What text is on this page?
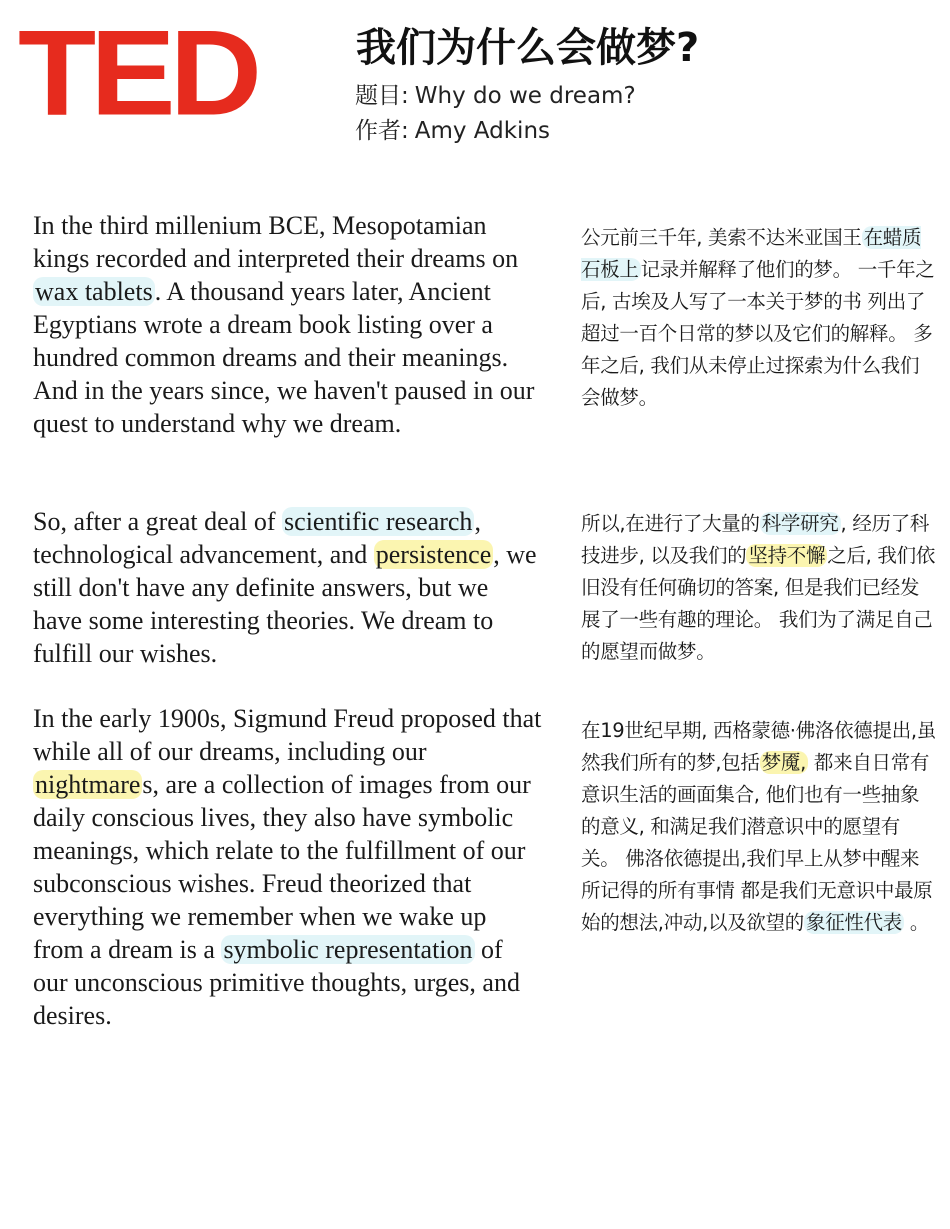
TED	我们为什么会做梦?
题目: Why do we dream?
作者: Amy Adkins

In the third millenium BCE, Mesopotamian kings recorded and interpreted their dreams on wax tablets. A thousand years later, Ancient Egyptians wrote a dream book listing over a hundred common dreams and their meanings. And in the years since, we haven't paused in our quest to understand why we dream.

So, after a great deal of scientific research, technological advancement, and persistence, we still don't have any definite answers, but we have some interesting theories. We dream to fulfill our wishes.

In the early 1900s, Sigmund Freud proposed that while all of our dreams, including our nightmares, are a collection of images from our daily conscious lives, they also have symbolic meanings, which relate to the fulfillment of our subconscious wishes. Freud theorized that everything we remember when we wake up from a dream is a symbolic representation of our unconscious primitive thoughts, urges, and desires.

公元前三千年, 美索不达米亚国王 在蜡质石板上 记录并解释了他们的梦。 一千年之后, 古埃及人写了一本关于梦的书 列出了超过一百个日常的梦以及它们的解释。 多年之后, 我们从未停止过探索为什么我们会做梦。

所以,在进行了大量的 科学研究 , 经历了科技进步, 以及我们的 坚持不懈 之后, 我们依旧没有任何确切的答案, 但是我们已经发展了一些有趣的理论。 我们为了满足自己的愿望而做梦。

在19世纪早期, 西格蒙德·佛洛依德提出,虽然我们所有的梦,包括 梦魇, 都来自日常有意识生活的画面集合, 他们也有一些抽象的意义, 和满足我们潜意识中的愿望有关。 佛洛依德提出,我们早上从梦中醒来所记得的所有事情 都是我们无意识中最原始的想法,冲动,以及欲望的 象征性代表 。
